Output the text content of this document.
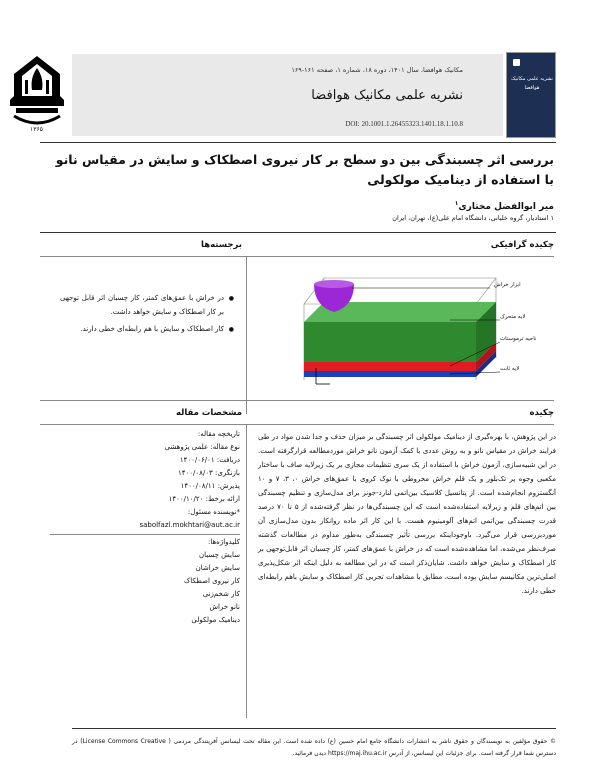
۱۳۶۵
مکانیک هوافضا، سال ۱۴۰۱، دوره ۱۸، شماره ۱، صفحه ۱۶۱-۱۶۹
نشریه علمی مکانیک هوافضا
DOI: 20.1001.1.26455323.1401.18.1.10.8
نشریه علمی مکانیک هوافضا
بررسی اثر چسبندگی بین دو سطح بر کار نیروی اصطکاک و سایش در مقیاس نانو با استفاده از دینامیک مولکولی
میر ابوالفضل مختاری$^۱$
۱ استادیار، گروه خلبانی، دانشگاه امام علی(ع)، تهران، ایران
چکیده گرافیکی
برجسته‌ها
● در خراش با عمق‌های کمتر، کار چسبان اثر قابل توجهی بر کار اصطکاک و سایش خواهد داشت.
● کار اصطکاک و سایش با هم رابطه‌ای خطی دارند.
ابزار خراش
لایه متحرک
ناحیه ترموستات
لایه ثابت
چکیده
مشخصات مقاله
تاریخچه مقاله:
نوع مقاله: علمی پژوهشی
دریافت: ۱۴۰۰/۰۶/۰۱
بازنگری: ۱۴۰۰/۰۸/۰۳
پذیرش: ۱۴۰۰/۰۸/۱۱
ارائه برخط: ۱۴۰۰/۱۰/۲۰
*نویسنده مسئول:
sabolfazl.mokhtari@aut.ac.ir
کلیدواژه‌ها:
سایش چسبان
سایش خراشان
کار نیروی اصطکاک
کار شخم‌زنی
نانو خراش
دینامیک مولکولی
در این پژوهش، با بهره‌گیری از دینامیک مولکولی اثر چسبندگی بر میزان حذف و جدا شدن مواد در طی فرایند خراش در مقیاس نانو و به روش عددی با کمک آزمون نانو خراش موردمطالعه قرارگرفته است. در این شبیه‌سازی، آزمون خراش با استفاده از یک سری تنظیمات مجازی بر یک زیرلایه صاف با ساختار مکعبی وجوه پر تک‌بلور و یک قلم خراش مخروطی با نوک کروی با عمق‌های خراش ۰، ۳، ۷ و ۱۰ آنگستروم انجام‌شده است. از پتانسیل کلاسیک بین‌اتمی لنارد-جونز برای مدل‌سازی و تنظیم چسبندگی بین اتم‌های قلم و زیرلایه استفاده‌شده است که این چسبندگی‌ها در نظر گرفته‌شده از ۵ تا ۷۰ درصد قدرت چسبندگی بین‌اتمی اتم‌های آلومینیوم هست. با این کار اثر ماده روانکار بدون مدل‌سازی آن موردبررسی قرار می‌گیرد. باوجوداینکه بررسی تأثیر چسبندگی به‌طور مداوم در مطالعات گذشته صرف‌نظر می‌شده، اما مشاهده‌شده است که در خراش با عمق‌های کمتر، کار چسبان اثر قابل‌توجهی بر کار اصطکاک و سایش خواهد داشت. شایان‌ذکر است که در این مطالعه به دلیل اینکه اثر شکل‌پذیری اصلی‌ترین مکانیسم سایش بوده است، مطابق با مشاهدات تجربی کار اصطکاک و سایش باهم رابطه‌ای خطی دارند.
© حقوق مؤلفین به نویسندگان و حقوق ناشر به انتشارات دانشگاه جامع امام حسین (ع) داده شده است. این مقاله تحت لیسانس آفرینندگی مردمی ( License Commons Creative) در دسترس شما قرار گرفته است. برای جزئیات این لیسانس، از آدرس https://maj.ihu.ac.ir دیدن فرمائید.
